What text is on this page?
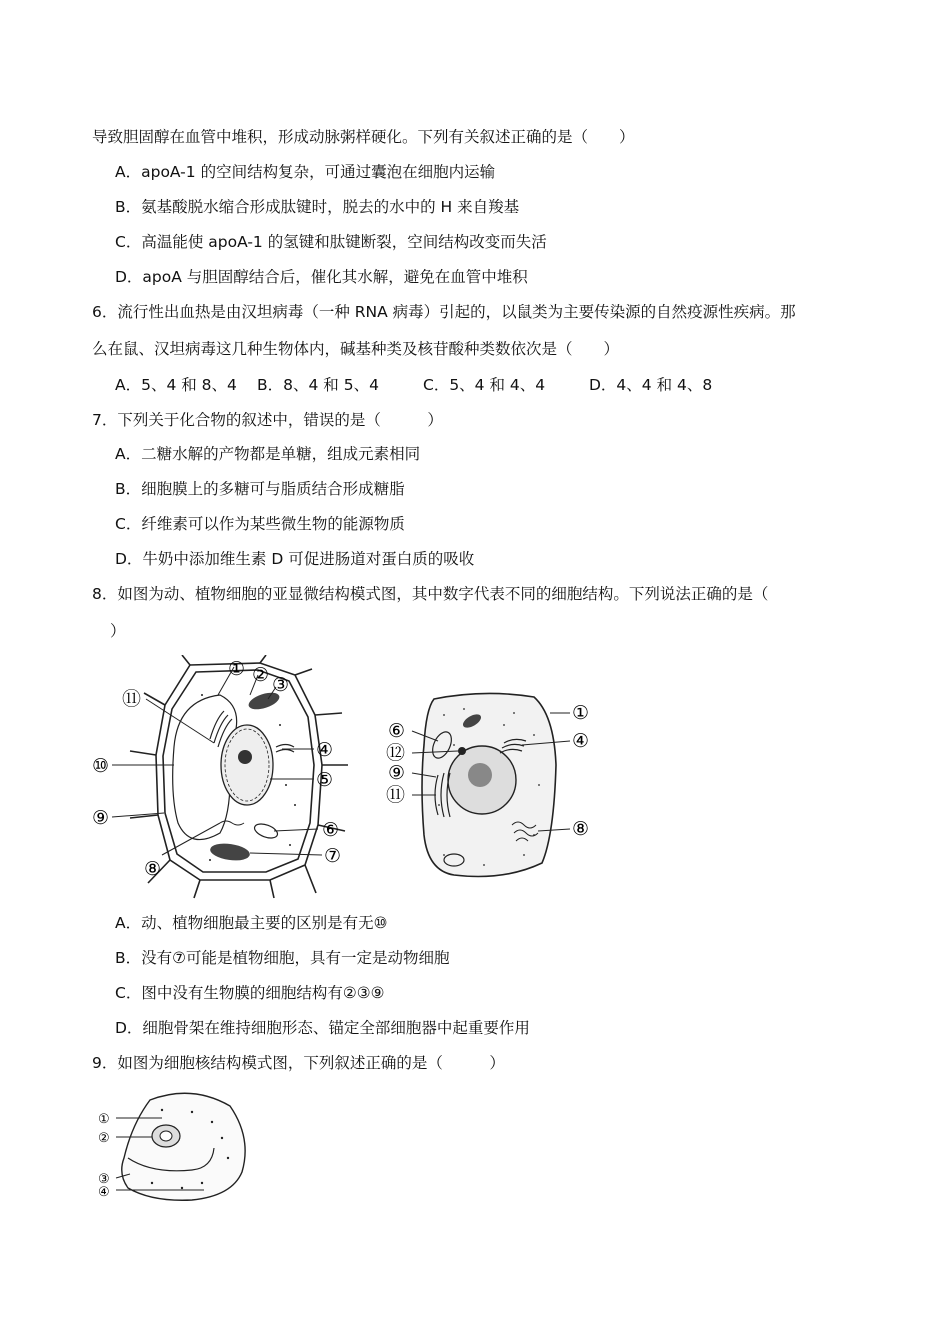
导致胆固醇在血管中堆积，形成动脉粥样硬化。下列有关叙述正确的是（　　）
A．apoA-1 的空间结构复杂，可通过囊泡在细胞内运输
B．氨基酸脱水缩合形成肽键时，脱去的水中的 H 来自羧基
C．高温能使 apoA-1 的氢键和肽键断裂，空间结构改变而失活
D．apoA 与胆固醇结合后，催化其水解，避免在血管中堆积
6．流行性出血热是由汉坦病毒（一种 RNA 病毒）引起的，以鼠类为主要传染源的自然疫源性疾病。那
么在鼠、汉坦病毒这几种生物体内，碱基种类及核苷酸种类数依次是（　　）
A．5、4 和 8、4 B．8、4 和 5、4	C．5、4 和 4、4	D．4、4 和 4、8
7．下列关于化合物的叙述中，错误的是（　　　）
A．二糖水解的产物都是单糖，组成元素相同
B．细胞膜上的多糖可与脂质结合形成糖脂
C．纤维素可以作为某些微生物的能源物质
D．牛奶中添加维生素 D 可促进肠道对蛋白质的吸收
8．如图为动、植物细胞的亚显微结构模式图，其中数字代表不同的细胞结构。下列说法正确的是（
）
① ② ③
④
⑤
⑥
⑦
⑧
⑨
⑩
⑪
⑥
⑫
⑨
⑪
①
④
⑧
A．动、植物细胞最主要的区别是有无⑩
B．没有⑦可能是植物细胞，具有一定是动物细胞
C．图中没有生物膜的细胞结构有②③⑨
D．细胞骨架在维持细胞形态、锚定全部细胞器中起重要作用
9．如图为细胞核结构模式图，下列叙述正确的是（　　　）
①
②
③
④
